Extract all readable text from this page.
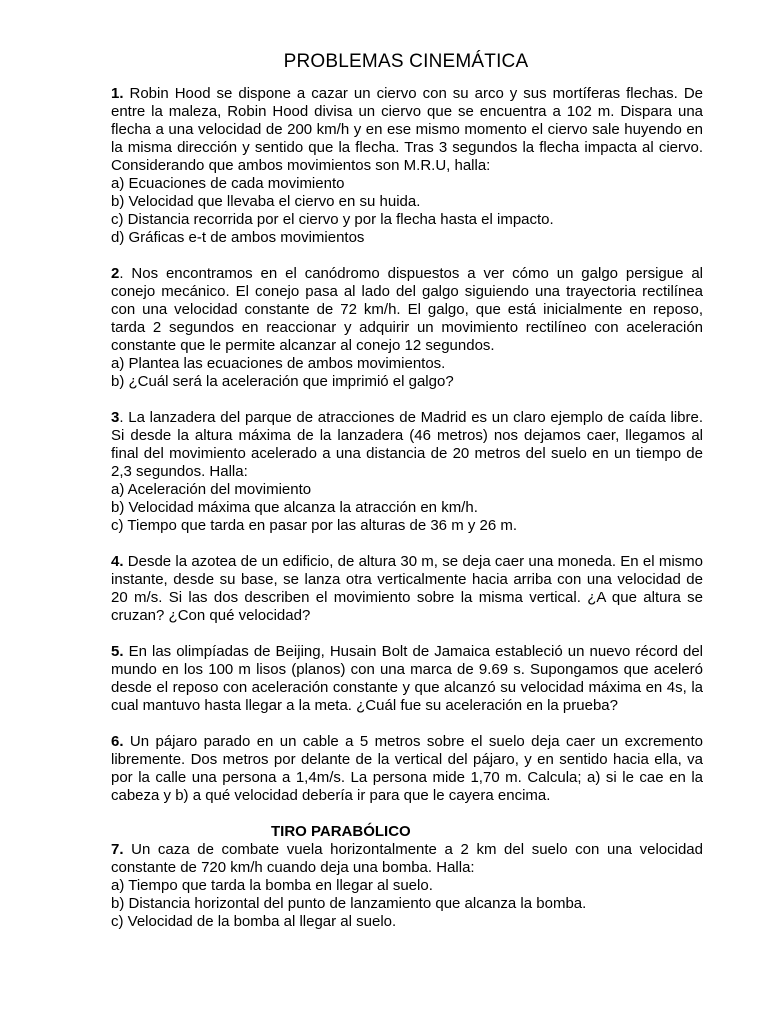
PROBLEMAS CINEMÁTICA

1. Robin Hood se dispone a cazar un ciervo con su arco y sus mortíferas flechas. De entre la maleza, Robin Hood divisa un ciervo que se encuentra a 102 m. Dispara una flecha a una velocidad de 200 km/h y en ese mismo momento el ciervo sale huyendo en la misma dirección y sentido que la flecha. Tras 3 segundos la flecha impacta al ciervo. Considerando que ambos movimientos son M.R.U, halla:

a) Ecuaciones de cada movimiento
b) Velocidad que llevaba el ciervo en su huida.
c) Distancia recorrida por el ciervo y por la flecha hasta el impacto.
d) Gráficas e-t de ambos movimientos

2. Nos encontramos en el canódromo dispuestos a ver cómo un galgo persigue al conejo mecánico. El conejo pasa al lado del galgo siguiendo una trayectoria rectilínea con una velocidad constante de 72 km/h. El galgo, que está inicialmente en reposo, tarda 2 segundos en reaccionar y adquirir un movimiento rectilíneo con aceleración constante que le permite alcanzar al conejo 12 segundos.

a) Plantea las ecuaciones de ambos movimientos.
b) ¿Cuál será la aceleración que imprimió el galgo?

3. La lanzadera del parque de atracciones de Madrid es un claro ejemplo de caída libre. Si desde la altura máxima de la lanzadera (46 metros) nos dejamos caer, llegamos al final del movimiento acelerado a una distancia de 20 metros del suelo en un tiempo de 2,3 segundos. Halla:

a) Aceleración del movimiento
b) Velocidad máxima que alcanza la atracción en km/h.
c) Tiempo que tarda en pasar por las alturas de 36 m y 26 m.

4. Desde la azotea de un edificio, de altura 30 m, se deja caer una moneda. En el mismo instante, desde su base, se lanza otra verticalmente hacia arriba con una velocidad de 20 m/s. Si las dos describen el movimiento sobre la misma vertical. ¿A que altura se cruzan? ¿Con qué velocidad?

5. En las olimpíadas de Beijing, Husain Bolt de Jamaica estableció un nuevo récord del mundo en los 100 m lisos (planos) con una marca de 9.69 s. Supongamos que aceleró desde el reposo con aceleración constante y que alcanzó su velocidad máxima en 4s, la cual mantuvo hasta llegar a la meta. ¿Cuál fue su aceleración en la prueba?

6. Un pájaro parado en un cable a 5 metros sobre el suelo deja caer un excremento libremente. Dos metros por delante de la vertical del pájaro, y en sentido hacia ella, va por la calle una persona a 1,4m/s. La persona mide 1,70 m. Calcula; a) si le cae en la cabeza y b) a qué velocidad debería ir para que le cayera encima.

TIRO PARABÓLICO

7. Un caza de combate vuela horizontalmente a 2 km del suelo con una velocidad constante de 720 km/h cuando deja una bomba. Halla:

a) Tiempo que tarda la bomba en llegar al suelo.
b) Distancia horizontal del punto de lanzamiento que alcanza la bomba.
c) Velocidad de la bomba al llegar al suelo.
